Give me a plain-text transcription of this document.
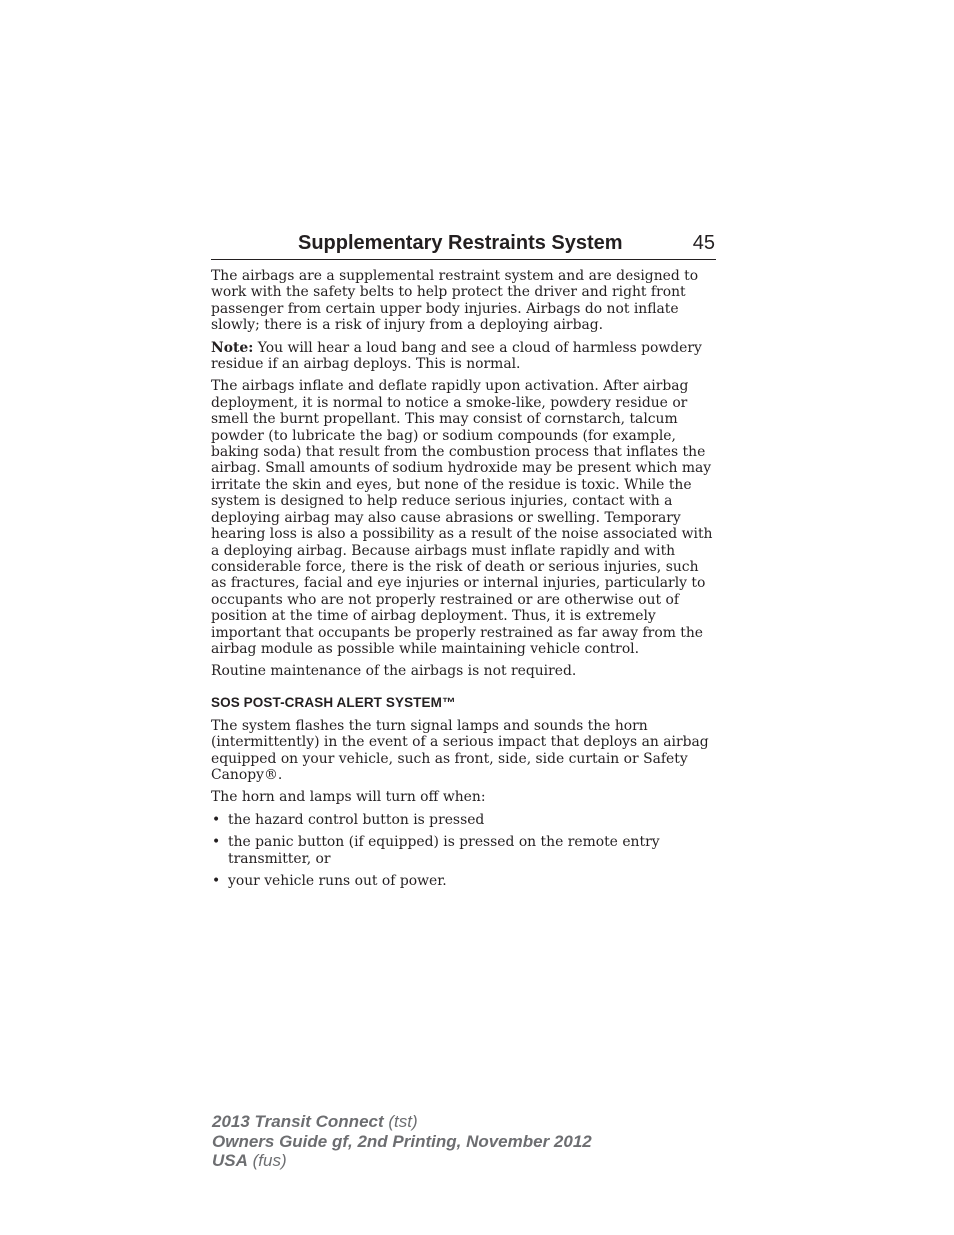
Supplementary Restraints System	45

The airbags are a supplemental restraint system and are designed to work with the safety belts to help protect the driver and right front passenger from certain upper body injuries. Airbags do not inflate slowly; there is a risk of injury from a deploying airbag.

Note: You will hear a loud bang and see a cloud of harmless powdery residue if an airbag deploys. This is normal.

The airbags inflate and deflate rapidly upon activation. After airbag deployment, it is normal to notice a smoke-like, powdery residue or smell the burnt propellant. This may consist of cornstarch, talcum powder (to lubricate the bag) or sodium compounds (for example, baking soda) that result from the combustion process that inflates the airbag. Small amounts of sodium hydroxide may be present which may irritate the skin and eyes, but none of the residue is toxic. While the system is designed to help reduce serious injuries, contact with a deploying airbag may also cause abrasions or swelling. Temporary hearing loss is also a possibility as a result of the noise associated with a deploying airbag. Because airbags must inflate rapidly and with considerable force, there is the risk of death or serious injuries, such as fractures, facial and eye injuries or internal injuries, particularly to occupants who are not properly restrained or are otherwise out of position at the time of airbag deployment. Thus, it is extremely important that occupants be properly restrained as far away from the airbag module as possible while maintaining vehicle control.

Routine maintenance of the airbags is not required.

SOS POST-CRASH ALERT SYSTEM™

The system flashes the turn signal lamps and sounds the horn (intermittently) in the event of a serious impact that deploys an airbag equipped on your vehicle, such as front, side, side curtain or Safety Canopy®.

The horn and lamps will turn off when:

• the hazard control button is pressed
• the panic button (if equipped) is pressed on the remote entry transmitter, or
• your vehicle runs out of power.
2013 Transit Connect (tst)
Owners Guide gf, 2nd Printing, November 2012
USA (fus)
